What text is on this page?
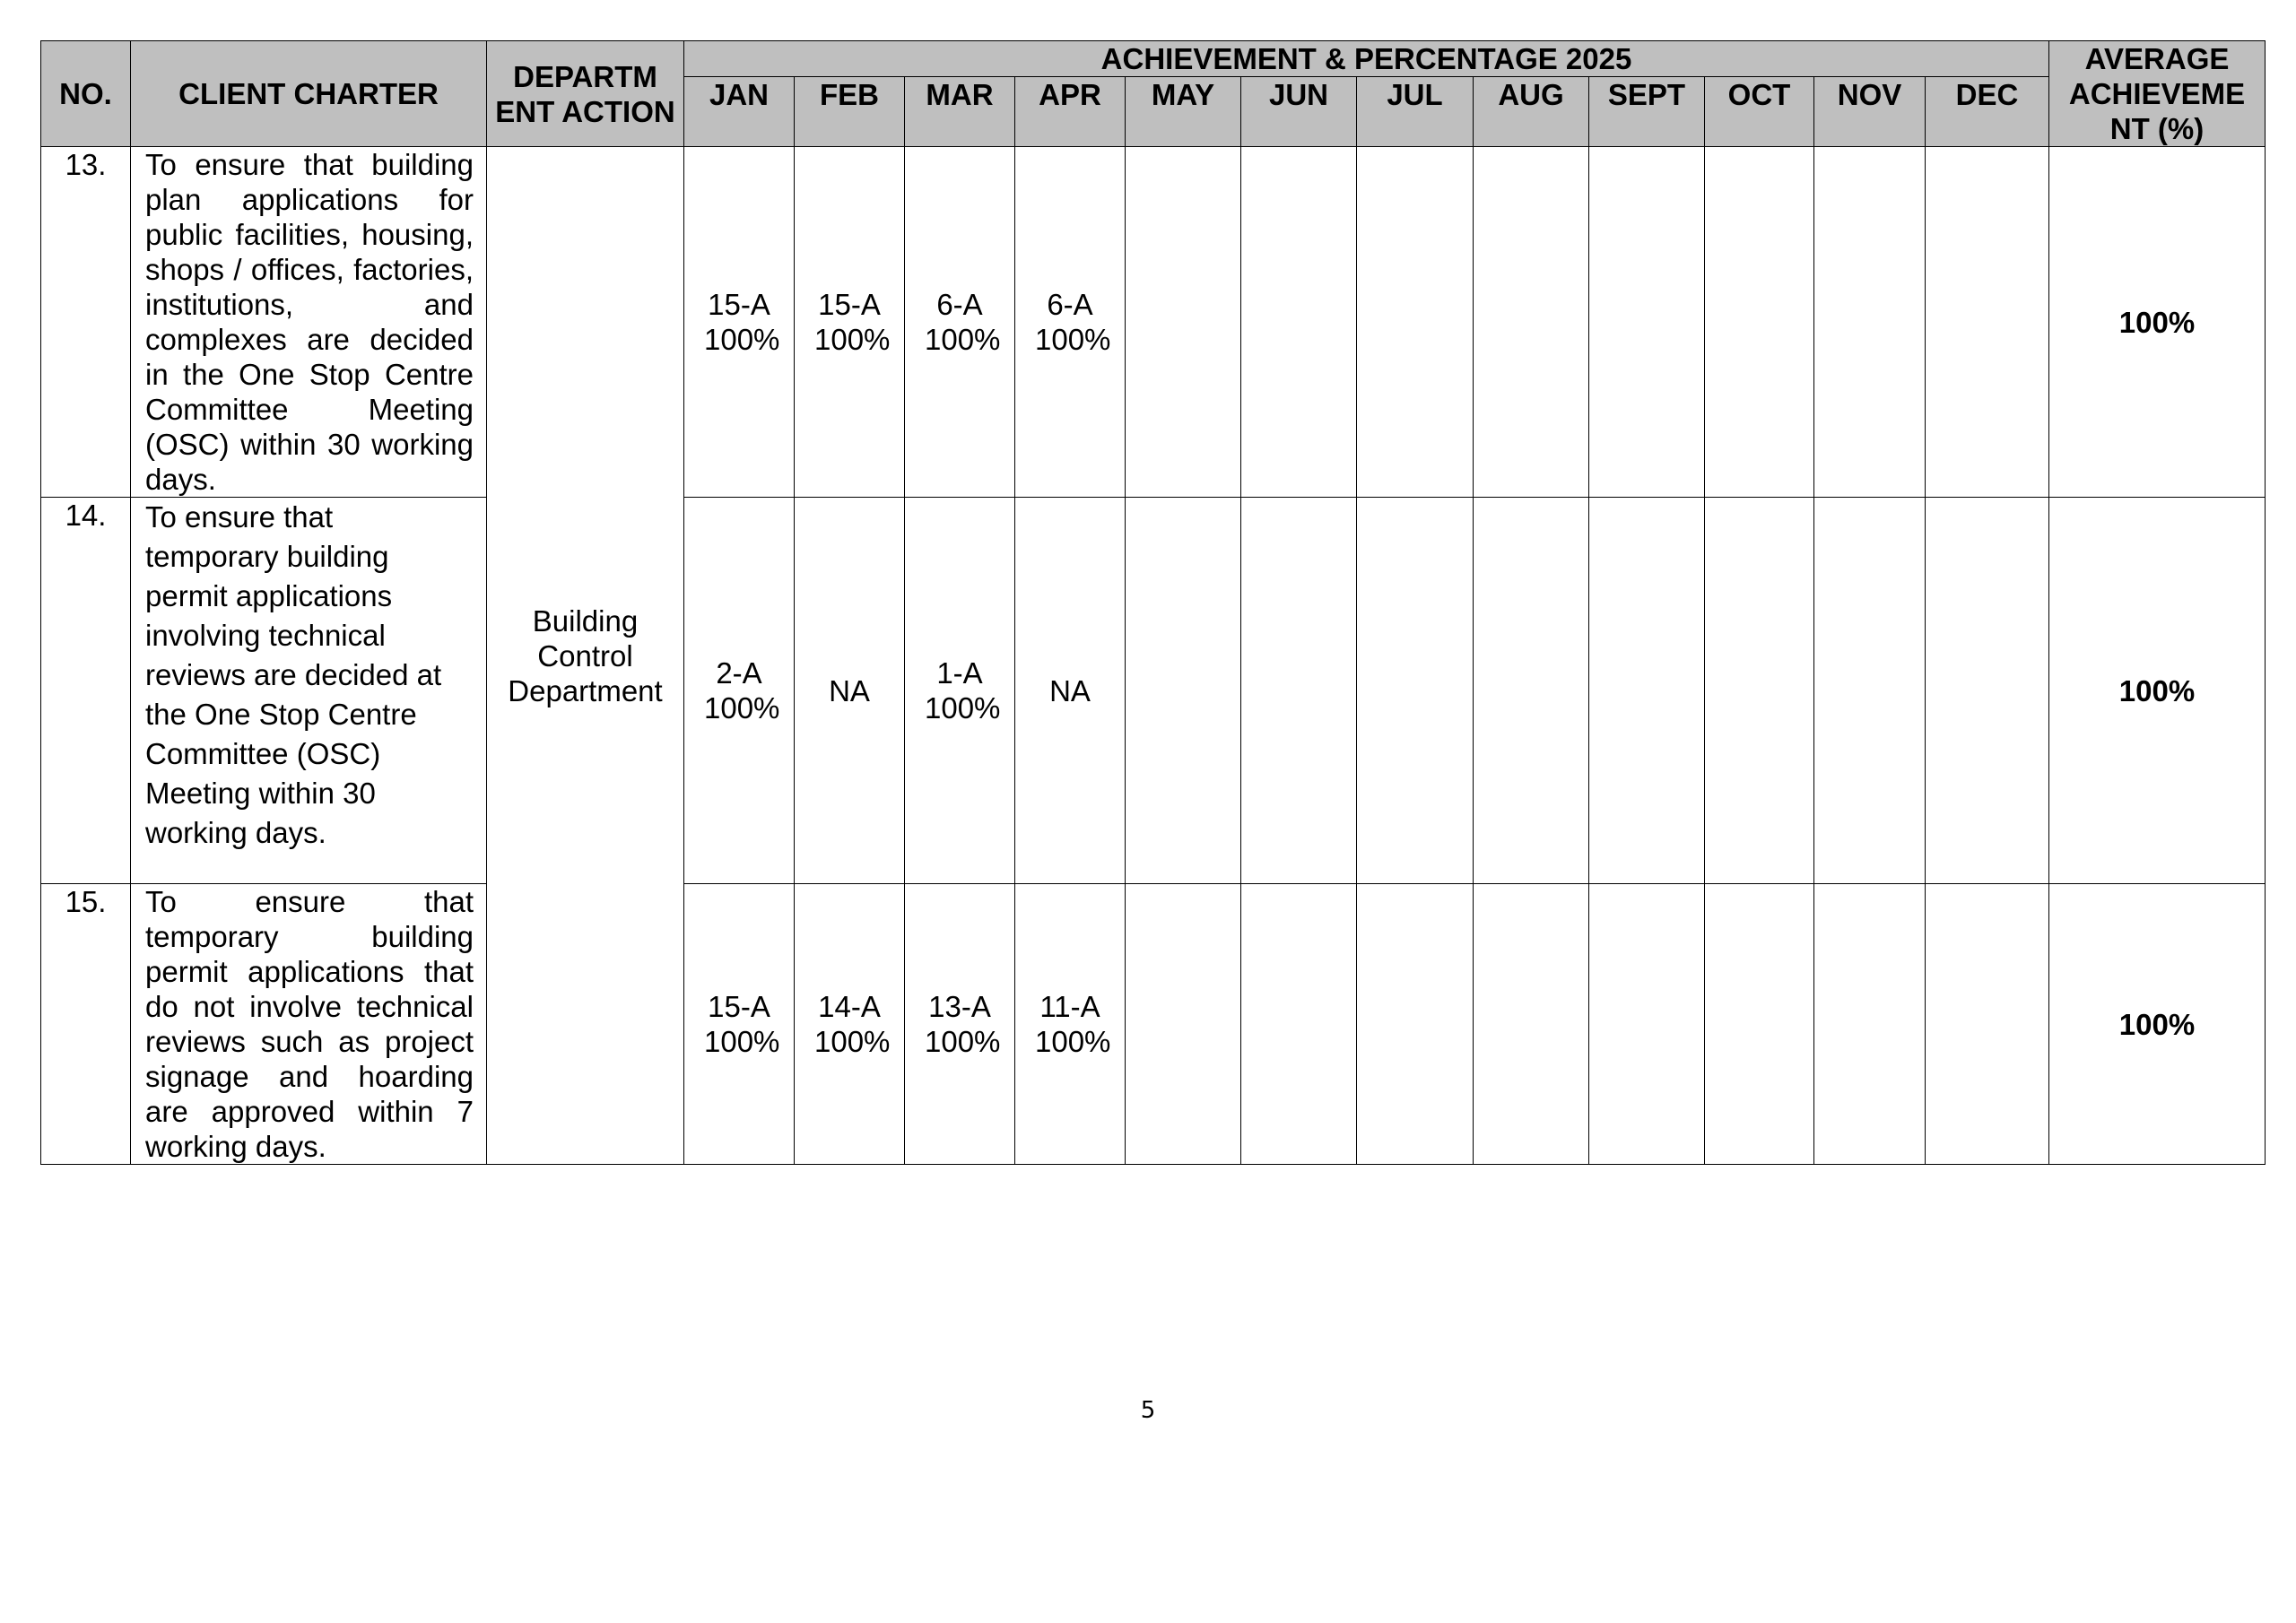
NO.	CLIENT CHARTER	DEPARTM ENT ACTION	ACHIEVEMENT & PERCENTAGE 2025												AVERAGE ACHIEVEME NT (%)

			JAN	FEB	MAR	APR	MAY	JUN	JUL	AUG	SEPT	OCT	NOV	DEC	
13.	To ensure that building plan applications for public facilities, housing, shops / offices, factories, institutions, and complexes are decided in the One Stop Centre Committee Meeting (OSC) within 30 working days.	Building Control Department	15-A 100%	15-A 100%	6-A 100%	6-A 100%									100%
14.	To ensure that temporary building permit applications involving technical reviews are decided at the One Stop Centre Committee (OSC) Meeting within 30 working days.		2-A 100%	NA	1-A 100%	NA									100%
15.	To ensure that temporary building permit applications that do not involve technical reviews such as project signage and hoarding are approved within 7 working days.		15-A 100%	14-A 100%	13-A 100%	11-A 100%									100%
5
